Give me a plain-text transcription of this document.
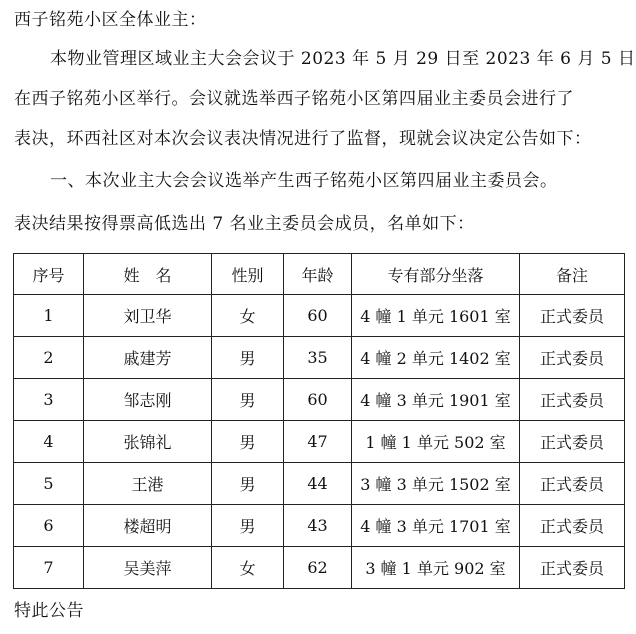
西子铭苑小区全体业主：
本物业管理区域业主大会会议于 2023 年 5 月 29 日至 2023 年 6 月 5 日
在西子铭苑小区举行。会议就选举西子铭苑小区第四届业主委员会进行了
表决，环西社区对本次会议表决情况进行了监督，现就会议决定公告如下：
一、本次业主大会会议选举产生西子铭苑小区第四届业主委员会。
表决结果按得票高低选出 7 名业主委员会成员，名单如下：
序号	姓　名	性别	年龄	专有部分坐落	备注
1	刘卫华	女	60	4 幢 1 单元 1601 室	正式委员
2	戚建芳	男	35	4 幢 2 单元 1402 室	正式委员
3	邹志刚	男	60	4 幢 3 单元 1901 室	正式委员
4	张锦礼	男	47	1 幢 1 单元 502 室	正式委员
5	王港	男	44	3 幢 3 单元 1502 室	正式委员
6	楼超明	男	43	4 幢 3 单元 1701 室	正式委员
7	吴美萍	女	62	3 幢 1 单元 902 室	正式委员
特此公告
